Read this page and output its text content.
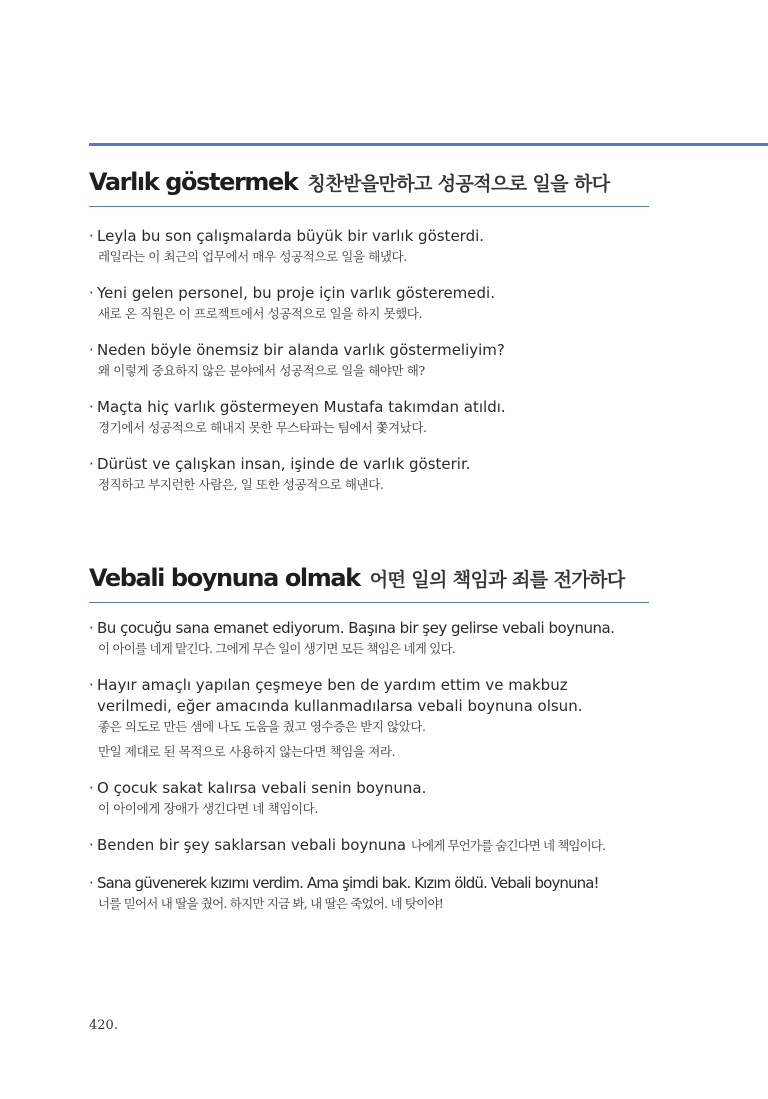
Varlık göstermek 칭찬받을만하고 성공적으로 일을 하다
· Leyla bu son çalışmalarda büyük bir varlık gösterdi.
레일라는 이 최근의 업무에서 매우 성공적으로 일을 해냈다.
· Yeni gelen personel, bu proje için varlık gösteremedi.
새로 온 직원은 이 프로젝트에서 성공적으로 일을 하지 못했다.
· Neden böyle önemsiz bir alanda varlık göstermeliyim?
왜 이렇게 중요하지 않은 분야에서 성공적으로 일을 해야만 해?
· Maçta hiç varlık göstermeyen Mustafa takımdan atıldı.
경기에서 성공적으로 해내지 못한 무스타파는 팀에서 쫓겨났다.
· Dürüst ve çalışkan insan, işinde de varlık gösterir.
정직하고 부지런한 사람은, 일 또한 성공적으로 해낸다.
Vebali boynuna olmak 어떤 일의 책임과 죄를 전가하다
· Bu çocuğu sana emanet ediyorum. Başına bir şey gelirse vebali boynuna.
이 아이를 네게 맡긴다. 그에게 무슨 일이 생기면 모든 책임은 네게 있다.
· Hayır amaçlı yapılan çeşmeye ben de yardım ettim ve makbuz
verilmedi, eğer amacında kullanmadılarsa vebali boynuna olsun.
좋은 의도로 만든 샘에 나도 도움을 줬고 영수증은 받지 않았다.
만일 제대로 된 목적으로 사용하지 않는다면 책임을 져라.
· O çocuk sakat kalırsa vebali senin boynuna.
이 아이에게 장애가 생긴다면 네 책임이다.
· Benden bir şey saklarsan vebali boynuna 나에게 무언가를 숨긴다면 네 책임이다.
· Sana güvenerek kızımı verdim. Ama şimdi bak. Kızım öldü. Vebali boynuna!
너를 믿어서 내 딸을 줬어. 하지만 지금 봐, 내 딸은 죽었어. 네 탓이야!
420.
